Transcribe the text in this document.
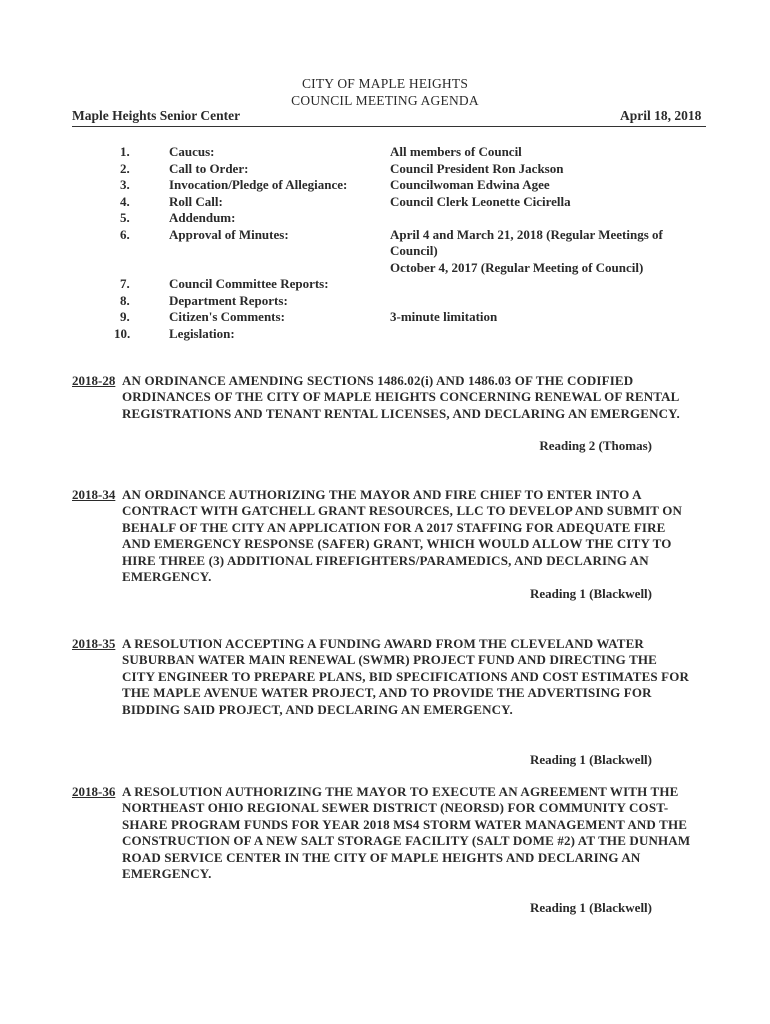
CITY OF MAPLE HEIGHTS
COUNCIL MEETING AGENDA
Maple Heights Senior Center	April 18, 2018
1.	Caucus:	All members of Council
2.	Call to Order:	Council President Ron Jackson
3.	Invocation/Pledge of Allegiance:	Councilwoman Edwina Agee
4.	Roll Call:	Council Clerk Leonette Cicirella
5.	Addendum:
6.	Approval of Minutes:	April 4 and March 21, 2018 (Regular Meetings of Council)
October 4, 2017 (Regular Meeting of Council)
7.	Council Committee Reports:
8.	Department Reports:
9.	Citizen's Comments:	3-minute limitation
10.	Legislation:
2018-28 AN ORDINANCE AMENDING SECTIONS 1486.02(i) AND 1486.03 OF THE CODIFIED ORDINANCES OF THE CITY OF MAPLE HEIGHTS CONCERNING RENEWAL OF RENTAL REGISTRATIONS AND TENANT RENTAL LICENSES, AND DECLARING AN EMERGENCY.
Reading 2 (Thomas)
2018-34 AN ORDINANCE AUTHORIZING THE MAYOR AND FIRE CHIEF TO ENTER INTO A CONTRACT WITH GATCHELL GRANT RESOURCES, LLC TO DEVELOP AND SUBMIT ON BEHALF OF THE CITY AN APPLICATION FOR A 2017 STAFFING FOR ADEQUATE FIRE AND EMERGENCY RESPONSE (SAFER) GRANT, WHICH WOULD ALLOW THE CITY TO HIRE THREE (3) ADDITIONAL FIREFIGHTERS/PARAMEDICS, AND DECLARING AN EMERGENCY.
Reading 1 (Blackwell)
2018-35 A RESOLUTION ACCEPTING A FUNDING AWARD FROM THE CLEVELAND WATER SUBURBAN WATER MAIN RENEWAL (SWMR) PROJECT FUND AND DIRECTING THE CITY ENGINEER TO PREPARE PLANS, BID SPECIFICATIONS AND COST ESTIMATES FOR THE MAPLE AVENUE WATER PROJECT, AND TO PROVIDE THE ADVERTISING FOR BIDDING SAID PROJECT, AND DECLARING AN EMERGENCY.
Reading 1 (Blackwell)
2018-36 A RESOLUTION AUTHORIZING THE MAYOR TO EXECUTE AN AGREEMENT WITH THE NORTHEAST OHIO REGIONAL SEWER DISTRICT (NEORSD) FOR COMMUNITY COST-SHARE PROGRAM FUNDS FOR YEAR 2018 MS4 STORM WATER MANAGEMENT AND THE CONSTRUCTION OF A NEW SALT STORAGE FACILITY (SALT DOME #2) AT THE DUNHAM ROAD SERVICE CENTER IN THE CITY OF MAPLE HEIGHTS AND DECLARING AN EMERGENCY.
Reading 1 (Blackwell)
